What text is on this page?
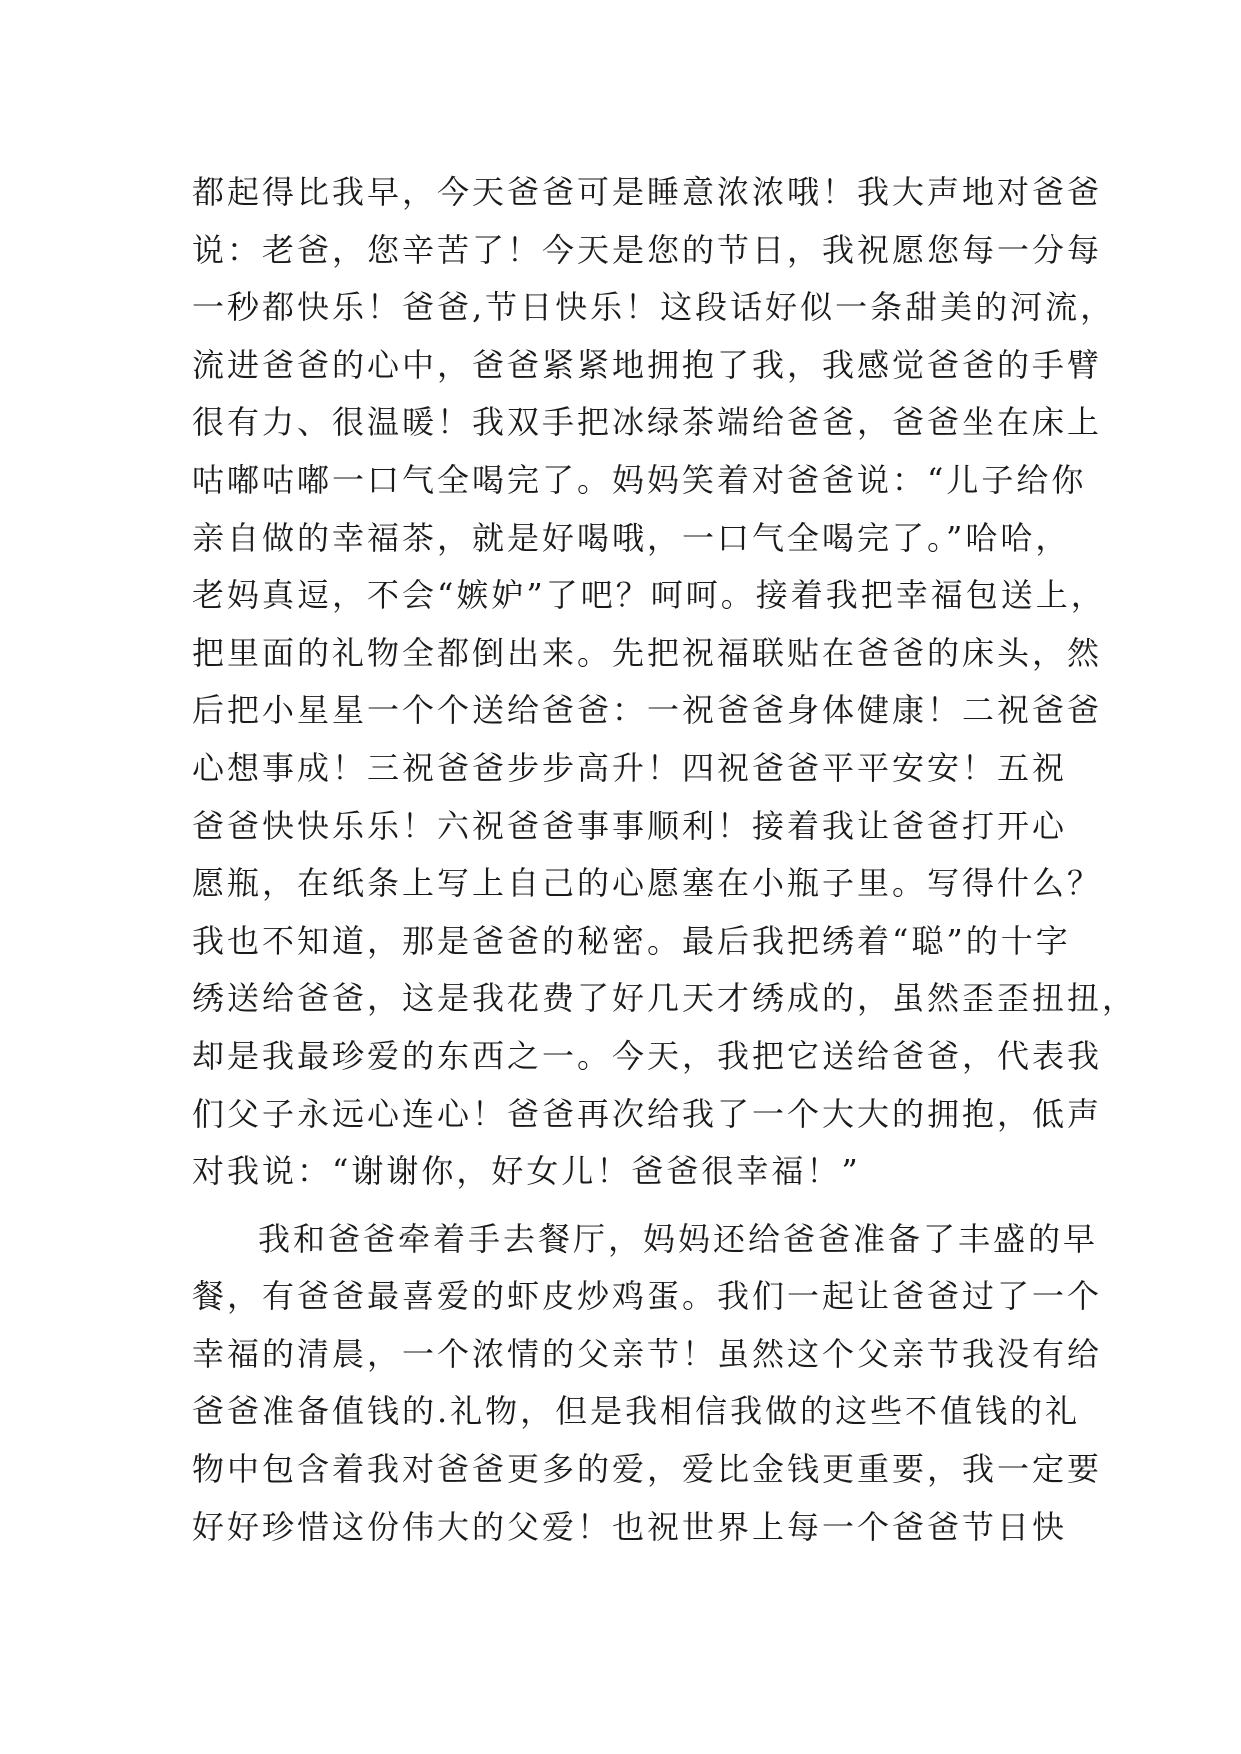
都起得比我早，今天爸爸可是睡意浓浓哦！我大声地对爸爸
说：老爸，您辛苦了！今天是您的节日，我祝愿您每一分每
一秒都快乐！爸爸,节日快乐！这段话好似一条甜美的河流，
流进爸爸的心中，爸爸紧紧地拥抱了我，我感觉爸爸的手臂
很有力、很温暖！我双手把冰绿茶端给爸爸，爸爸坐在床上
咕嘟咕嘟一口气全喝完了。妈妈笑着对爸爸说：“儿子给你
亲自做的幸福茶，就是好喝哦，一口气全喝完了。”哈哈，
老妈真逗，不会“嫉妒”了吧？呵呵。接着我把幸福包送上，
把里面的礼物全都倒出来。先把祝福联贴在爸爸的床头，然
后把小星星一个个送给爸爸：一祝爸爸身体健康！二祝爸爸
心想事成！三祝爸爸步步高升！四祝爸爸平平安安！五祝
爸爸快快乐乐！六祝爸爸事事顺利！接着我让爸爸打开心
愿瓶，在纸条上写上自己的心愿塞在小瓶子里。写得什么？
我也不知道，那是爸爸的秘密。最后我把绣着“聪”的十字
绣送给爸爸，这是我花费了好几天才绣成的，虽然歪歪扭扭，
却是我最珍爱的东西之一。今天，我把它送给爸爸，代表我
们父子永远心连心！爸爸再次给我了一个大大的拥抱，低声
对我说：“谢谢你，好女儿！爸爸很幸福！”
我和爸爸牵着手去餐厅，妈妈还给爸爸准备了丰盛的早
餐，有爸爸最喜爱的虾皮炒鸡蛋。我们一起让爸爸过了一个
幸福的清晨，一个浓情的父亲节！虽然这个父亲节我没有给
爸爸准备值钱的.礼物，但是我相信我做的这些不值钱的礼
物中包含着我对爸爸更多的爱，爱比金钱更重要，我一定要
好好珍惜这份伟大的父爱！也祝世界上每一个爸爸节日快
